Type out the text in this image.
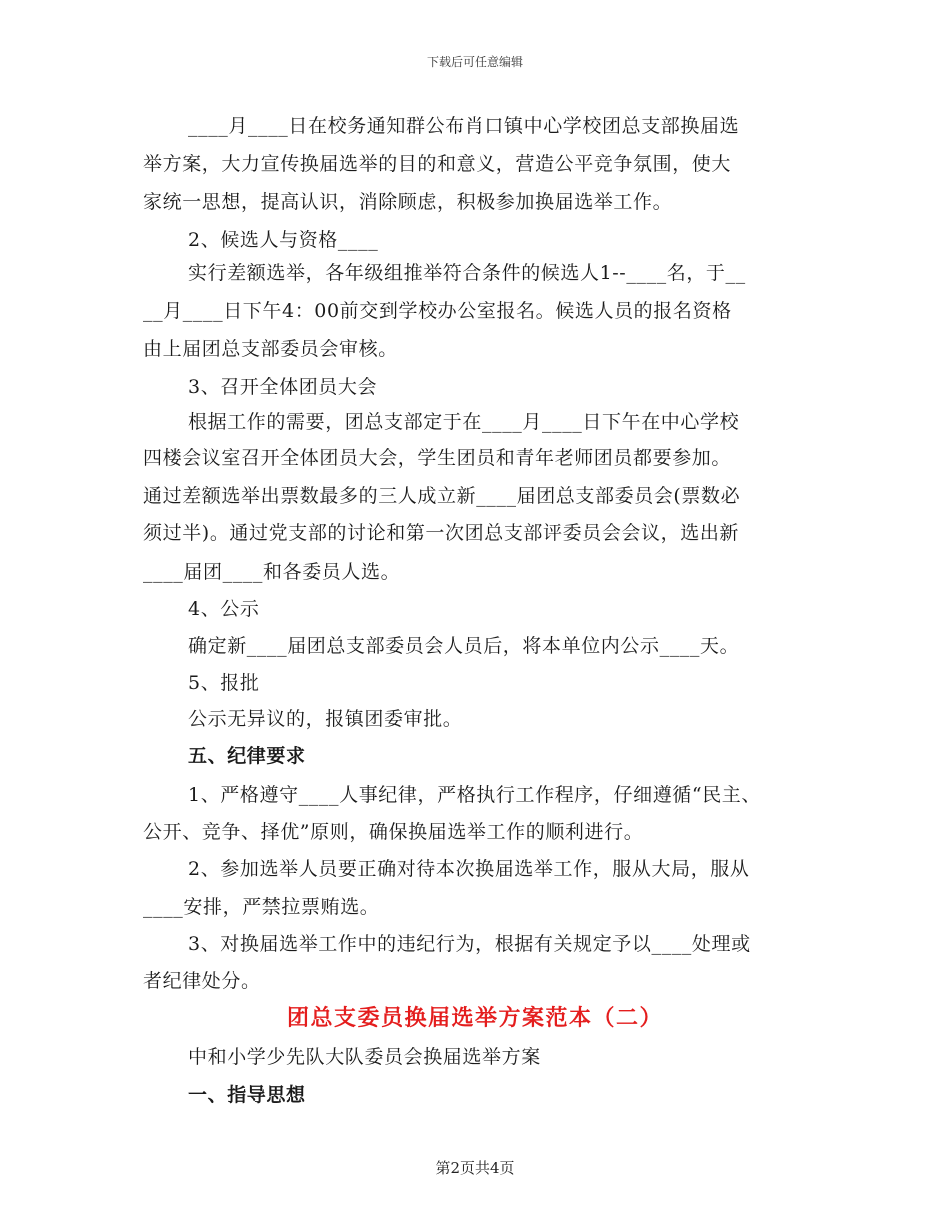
下载后可任意编辑
____月____日在校务通知群公布肖口镇中心学校团总支部换届选
举方案，大力宣传换届选举的目的和意义，营造公平竞争氛围，使大
家统一思想，提高认识，消除顾虑，积极参加换届选举工作。
2、候选人与资格____
实行差额选举，各年级组推举符合条件的候选人1--____名，于__
__月____日下午4：00前交到学校办公室报名。候选人员的报名资格
由上届团总支部委员会审核。
3、召开全体团员大会
根据工作的需要，团总支部定于在____月____日下午在中心学校
四楼会议室召开全体团员大会，学生团员和青年老师团员都要参加。
通过差额选举出票数最多的三人成立新____届团总支部委员会(票数必
须过半)。通过党支部的讨论和第一次团总支部评委员会会议，选出新
____届团____和各委员人选。
4、公示
确定新____届团总支部委员会人员后，将本单位内公示____天。
5、报批
公示无异议的，报镇团委审批。
五、纪律要求
1、严格遵守____人事纪律，严格执行工作程序，仔细遵循“民主、
公开、竞争、择优”原则，确保换届选举工作的顺利进行。
2、参加选举人员要正确对待本次换届选举工作，服从大局，服从
____安排，严禁拉票贿选。
3、对换届选举工作中的违纪行为，根据有关规定予以____处理或
者纪律处分。
团总支委员换届选举方案范本（二）
中和小学少先队大队委员会换届选举方案
一、指导思想
第2页共4页
